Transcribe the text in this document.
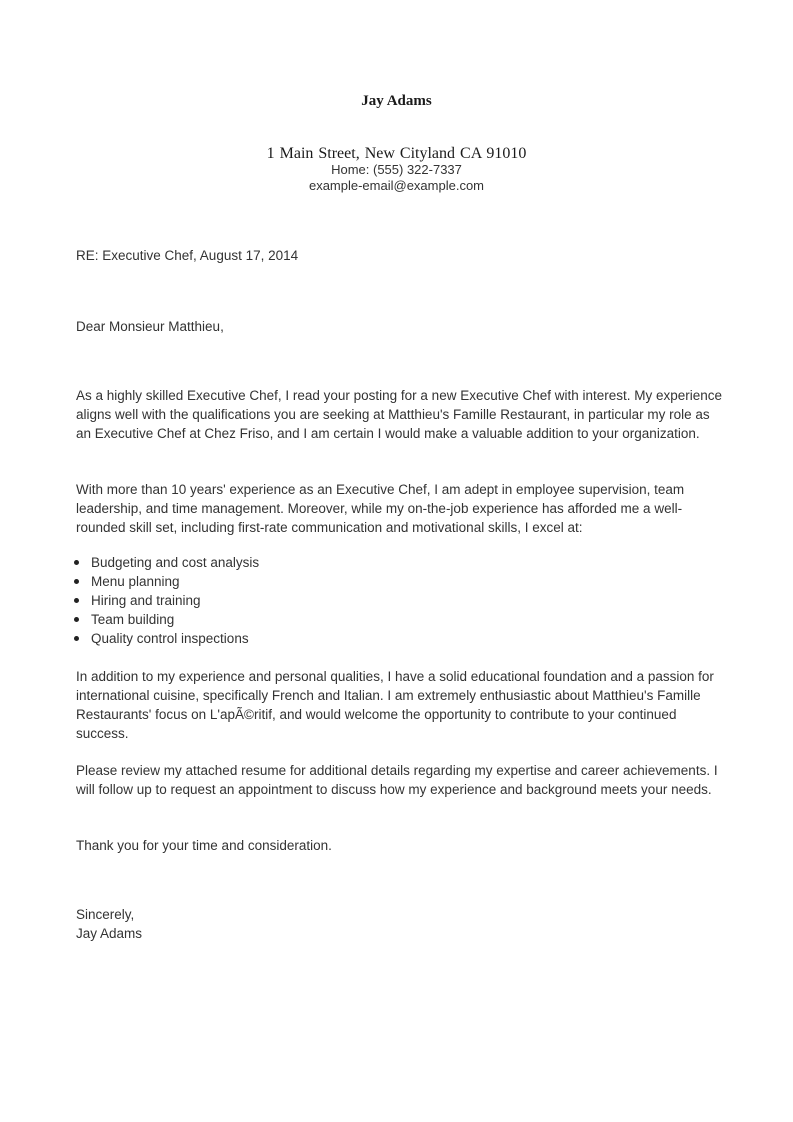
Jay Adams
1 Main Street, New Cityland CA 91010
Home: (555) 322-7337
example-email@example.com
RE: Executive Chef, August 17, 2014
Dear Monsieur Matthieu,
As a highly skilled Executive Chef, I read your posting for a new Executive Chef with interest. My experience aligns well with the qualifications you are seeking at Matthieu's Famille Restaurant, in particular my role as an Executive Chef at Chez Friso, and I am certain I would make a valuable addition to your organization.
With more than 10 years' experience as an Executive Chef, I am adept in employee supervision, team leadership, and time management. Moreover, while my on-the-job experience has afforded me a well-rounded skill set, including first-rate communication and motivational skills, I excel at:
Budgeting and cost analysis
Menu planning
Hiring and training
Team building
Quality control inspections
In addition to my experience and personal qualities, I have a solid educational foundation and a passion for international cuisine, specifically French and Italian. I am extremely enthusiastic about Matthieu's Famille Restaurants' focus on L'apÃ©ritif, and would welcome the opportunity to contribute to your continued success.
Please review my attached resume for additional details regarding my expertise and career achievements. I will follow up to request an appointment to discuss how my experience and background meets your needs.
Thank you for your time and consideration.
Sincerely,
Jay Adams
